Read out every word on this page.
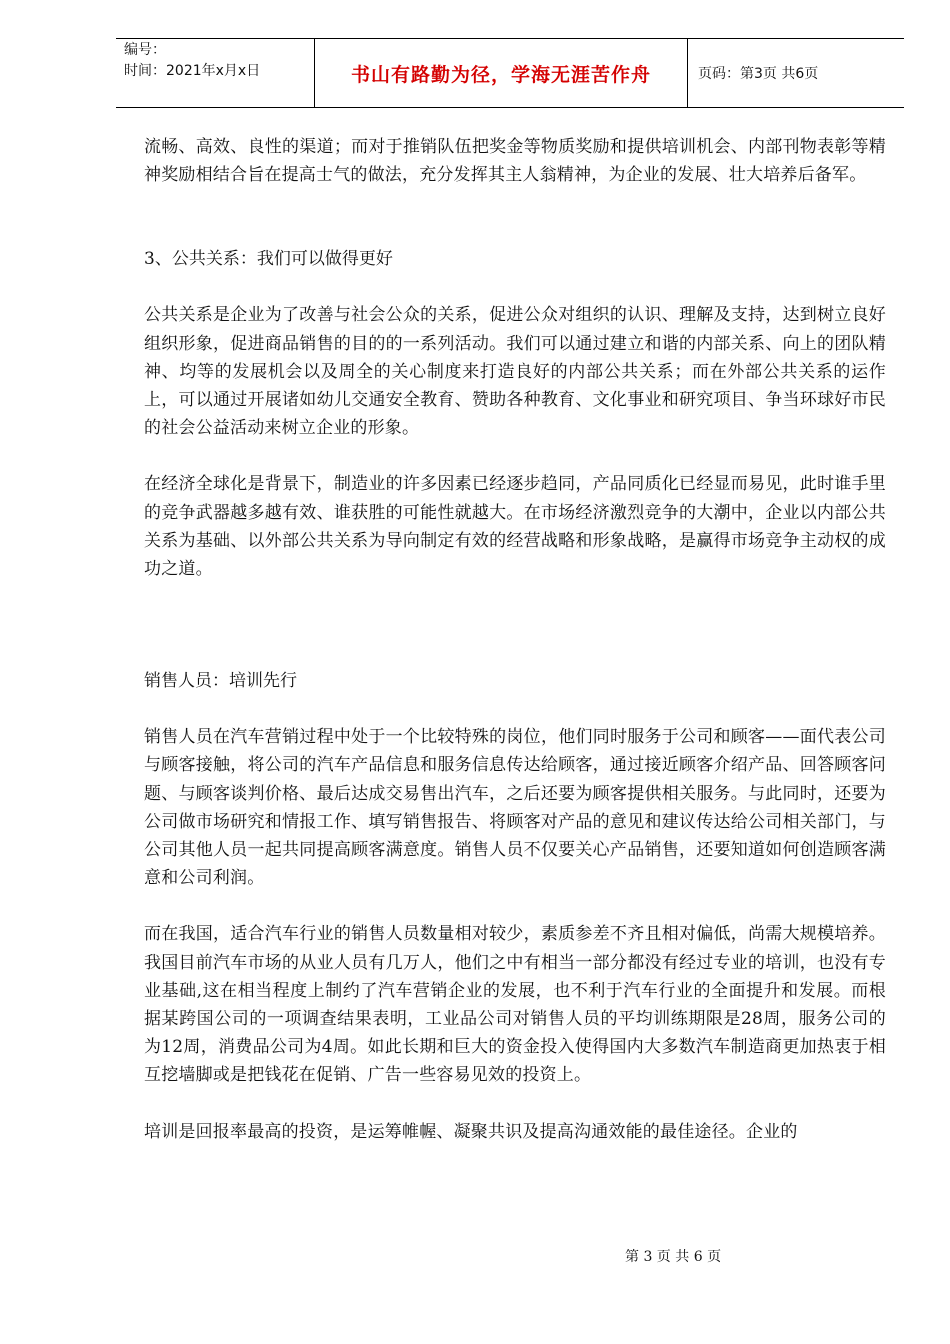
编号：
时间：2021年x月x日	书山有路勤为径，学海无涯苦作舟	页码：第3页 共6页

流畅、高效、良性的渠道；而对于推销队伍把奖金等物质奖励和提供培训机会、内部刊物表彰等精神奖励相结合旨在提高士气的做法，充分发挥其主人翁精神，为企业的发展、壮大培养后备军。

3、公共关系：我们可以做得更好

公共关系是企业为了改善与社会公众的关系，促进公众对组织的认识、理解及支持，达到树立良好组织形象，促进商品销售的目的的一系列活动。我们可以通过建立和谐的内部关系、向上的团队精神、均等的发展机会以及周全的关心制度来打造良好的内部公共关系；而在外部公共关系的运作上，可以通过开展诸如幼儿交通安全教育、赞助各种教育、文化事业和研究项目、争当环球好市民的社会公益活动来树立企业的形象。

在经济全球化是背景下，制造业的许多因素已经逐步趋同，产品同质化已经显而易见，此时谁手里的竞争武器越多越有效、谁获胜的可能性就越大。在市场经济激烈竞争的大潮中，企业以内部公共关系为基础、以外部公共关系为导向制定有效的经营战略和形象战略，是赢得市场竞争主动权的成功之道。

销售人员：培训先行

销售人员在汽车营销过程中处于一个比较特殊的岗位，他们同时服务于公司和顾客——面代表公司与顾客接触，将公司的汽车产品信息和服务信息传达给顾客，通过接近顾客介绍产品、回答顾客问题、与顾客谈判价格、最后达成交易售出汽车，之后还要为顾客提供相关服务。与此同时，还要为公司做市场研究和情报工作、填写销售报告、将顾客对产品的意见和建议传达给公司相关部门，与公司其他人员一起共同提高顾客满意度。销售人员不仅要关心产品销售，还要知道如何创造顾客满意和公司利润。

而在我国，适合汽车行业的销售人员数量相对较少，素质参差不齐且相对偏低，尚需大规模培养。我国目前汽车市场的从业人员有几万人，他们之中有相当一部分都没有经过专业的培训，也没有专业基础,这在相当程度上制约了汽车营销企业的发展，也不利于汽车行业的全面提升和发展。而根据某跨国公司的一项调查结果表明，工业品公司对销售人员的平均训练期限是28周，服务公司的为12周，消费品公司为4周。如此长期和巨大的资金投入使得国内大多数汽车制造商更加热衷于相互挖墙脚或是把钱花在促销、广告一些容易见效的投资上。

培训是回报率最高的投资，是运筹帷幄、凝聚共识及提高沟通效能的最佳途径。企业的

第 3 页 共 6 页
